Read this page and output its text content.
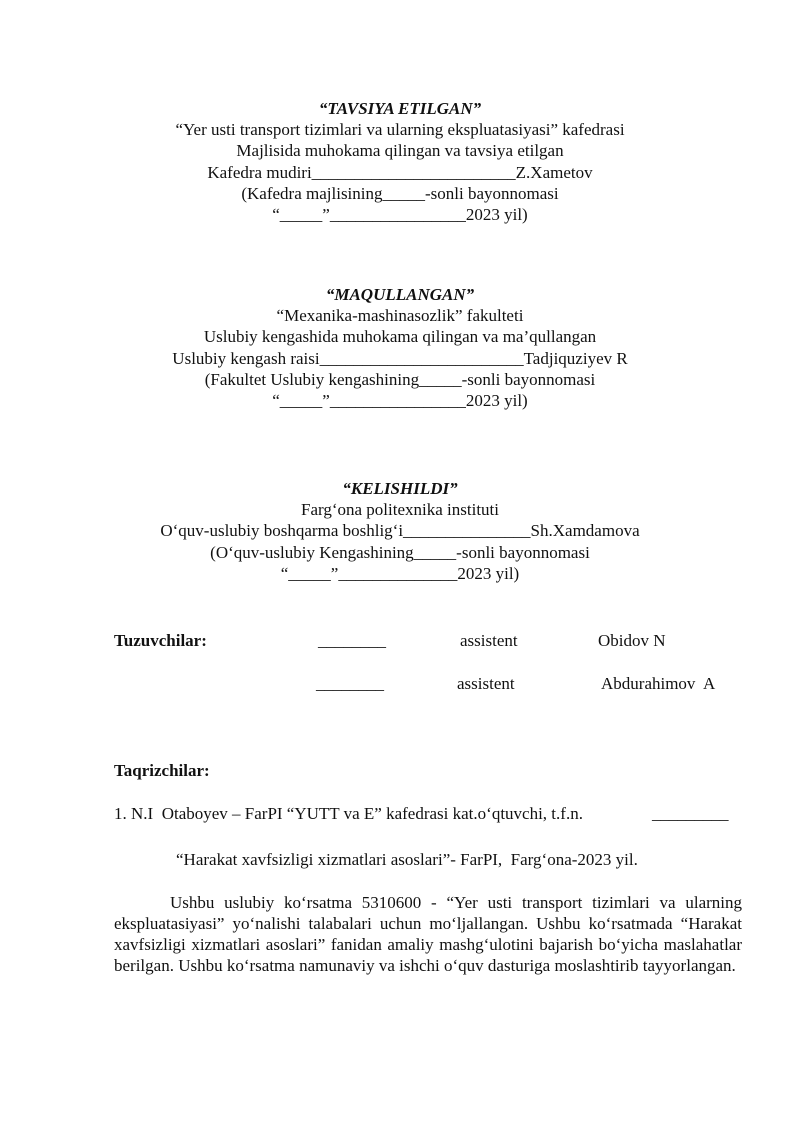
“TAVSIYA ETILGAN”
“Yer usti transport tizimlari va ularning ekspluatasiyasi” kafedrasi
Majlisida muhokama qilingan va tavsiya etilgan
Kafedra mudiri________________________Z.Xametov
(Kafedra majlisining_____-sonli bayonnomasi
“_____”________________2023 yil)
“MAQULLANGAN”
“Mexanika-mashinasozlik” fakulteti
Uslubiy kengashida muhokama qilingan va ma’qullangan
Uslubiy kengash raisi________________________Tadjiquziyev R
(Fakultet Uslubiy kengashining_____-sonli bayonnomasi
“_____”________________2023 yil)
“KELISHILDI”
Farg‘ona politexnika instituti
O‘quv-uslubiy boshqarma boshlig‘i_______________Sh.Xamdamova
(O‘quv-uslubiy Kengashining_____-sonli bayonnomasi
“_____”______________2023 yil)
Tuzuvchilar:	________	assistent	Obidov N
________	assistent	Abdurahimov  A
Taqrizchilar:
1. N.I  Otaboyev – FarPI “YUTT va E” kafedrasi kat.o‘qtuvchi, t.f.n.	_________
“Harakat xavfsizligi xizmatlari asoslari”- FarPI,  Farg‘ona-2023 yil.
Ushbu uslubiy ko‘rsatma 5310600 - “Yer usti transport tizimlari va ularning ekspluatasiyasi” yo‘nalishi talabalari uchun mo‘ljallangan. Ushbu ko‘rsatmada “Harakat xavfsizligi xizmatlari asoslari” fanidan amaliy mashg‘ulotini bajarish bo‘yicha maslahatlar berilgan. Ushbu ko‘rsatma namunaviy va ishchi o‘quv dasturiga moslashtirib tayyorlangan.
